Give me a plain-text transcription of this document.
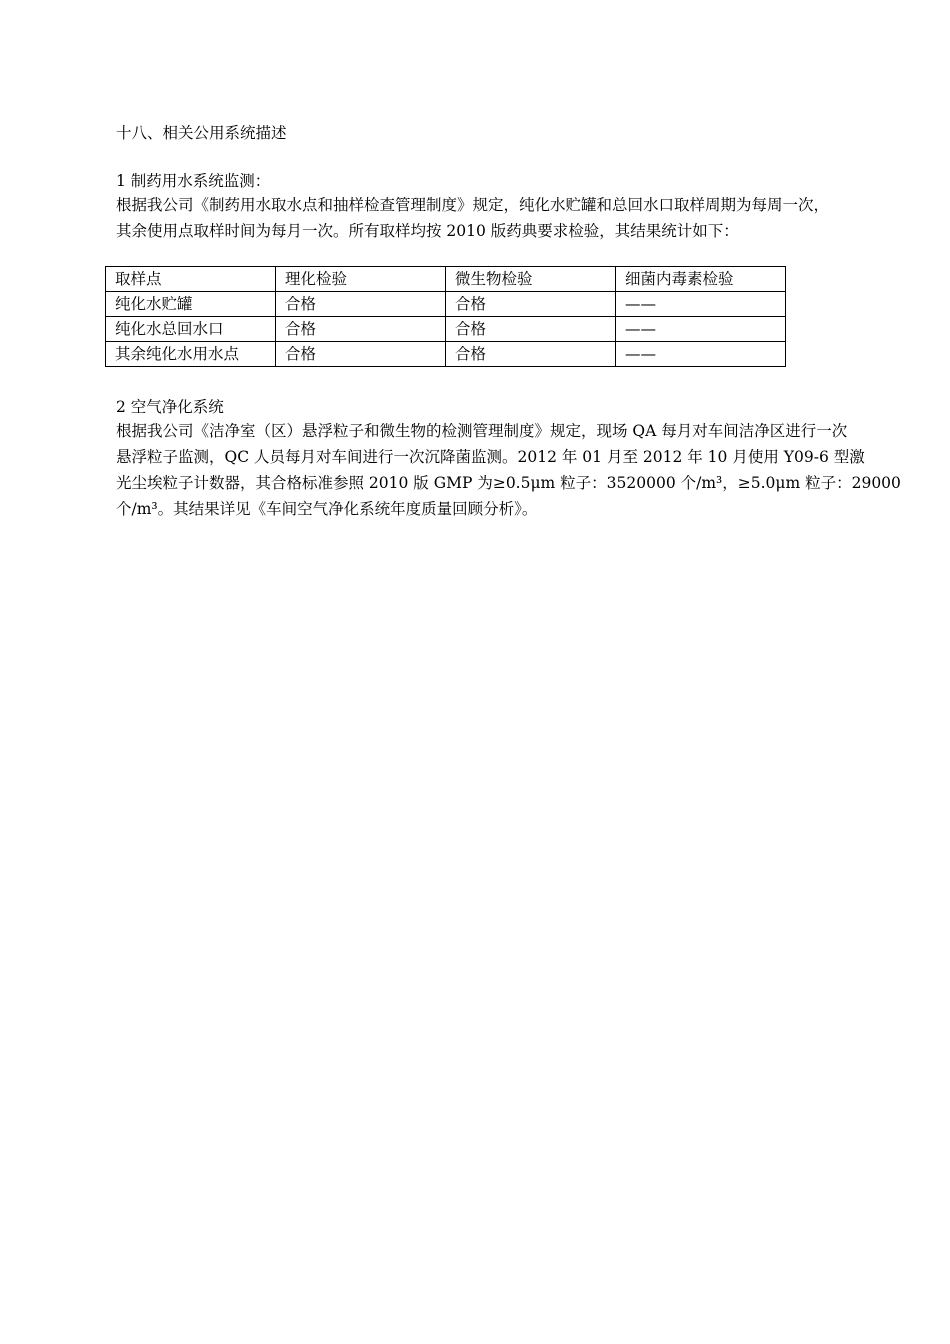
十八、相关公用系统描述
1 制药用水系统监测：
根据我公司《制药用水取水点和抽样检查管理制度》规定，纯化水贮罐和总回水口取样周期为每周一次，
其余使用点取样时间为每月一次。所有取样均按 2010 版药典要求检验，其结果统计如下：
取样点	理化检验	微生物检验	细菌内毒素检验
纯化水贮罐	合格	合格	——
纯化水总回水口	合格	合格	——
其余纯化水用水点	合格	合格	——
2 空气净化系统
根据我公司《洁净室（区）悬浮粒子和微生物的检测管理制度》规定，现场 QA 每月对车间洁净区进行一次
悬浮粒子监测，QC 人员每月对车间进行一次沉降菌监测。2012 年 01 月至 2012 年 10 月使用 Y09-6 型激
光尘埃粒子计数器，其合格标准参照 2010 版 GMP 为≥0.5μm 粒子：3520000 个/m³，≥5.0μm 粒子：29000
个/m³。其结果详见《车间空气净化系统年度质量回顾分析》。
